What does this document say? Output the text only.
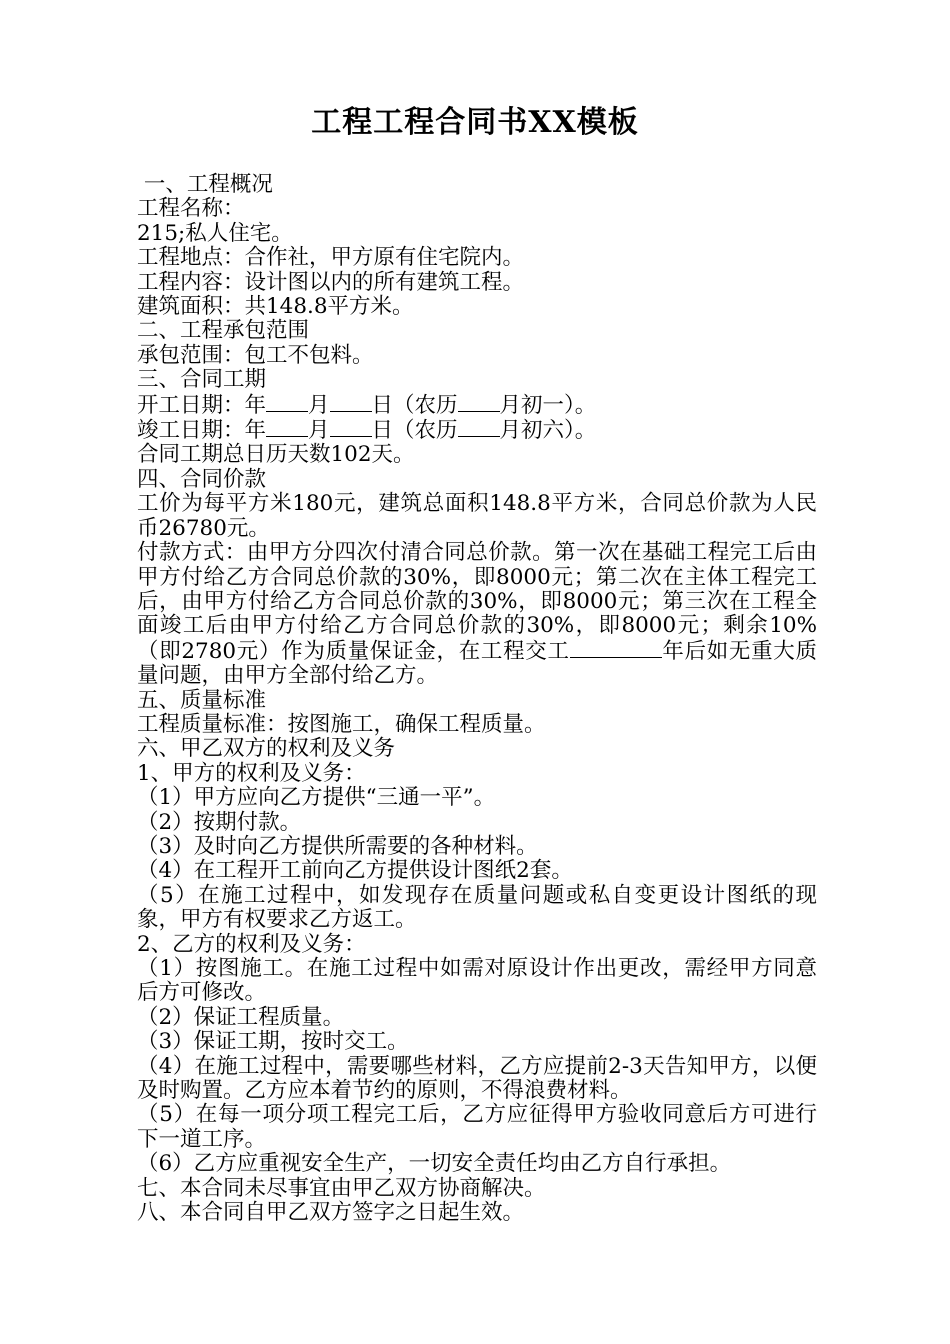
工程工程合同书XX模板
一、工程概况
工程名称：
215;私人住宅。
工程地点：合作社，甲方原有住宅院内。
工程内容：设计图以内的所有建筑工程。
建筑面积：共148.8平方米。
二、工程承包范围
承包范围：包工不包料。
三、合同工期
开工日期：年 月 日（农历 月初一）。
竣工日期：年 月 日（农历 月初六）。
合同工期总日历天数102天。
四、合同价款
工价为每平方米180元，建筑总面积148.8平方米，合同总价款为人民币26780元。
付款方式：由甲方分四次付清合同总价款。第一次在基础工程完工后由甲方付给乙方合同总价款的30%，即8000元；第二次在主体工程完工后，由甲方付给乙方合同总价款的30%，即8000元；第三次在工程全面竣工后由甲方付给乙方合同总价款的30%，即8000元；剩余10%（即2780元）作为质量保证金，在工程交工	年后如无重大质量问题，由甲方全部付给乙方。
五、质量标准
工程质量标准：按图施工，确保工程质量。
六、甲乙双方的权利及义务
1、甲方的权利及义务：
（1）甲方应向乙方提供“三通一平”。
（2）按期付款。
（3）及时向乙方提供所需要的各种材料。
（4）在工程开工前向乙方提供设计图纸2套。
（5）在施工过程中，如发现存在质量问题或私自变更设计图纸的现象，甲方有权要求乙方返工。
2、乙方的权利及义务：
（1）按图施工。在施工过程中如需对原设计作出更改，需经甲方同意后方可修改。
（2）保证工程质量。
（3）保证工期，按时交工。
（4）在施工过程中，需要哪些材料，乙方应提前2-3天告知甲方，以便及时购置。乙方应本着节约的原则，不得浪费材料。
（5）在每一项分项工程完工后，乙方应征得甲方验收同意后方可进行下一道工序。
（6）乙方应重视安全生产，一切安全责任均由乙方自行承担。
七、本合同未尽事宜由甲乙双方协商解决。
八、本合同自甲乙双方签字之日起生效。
